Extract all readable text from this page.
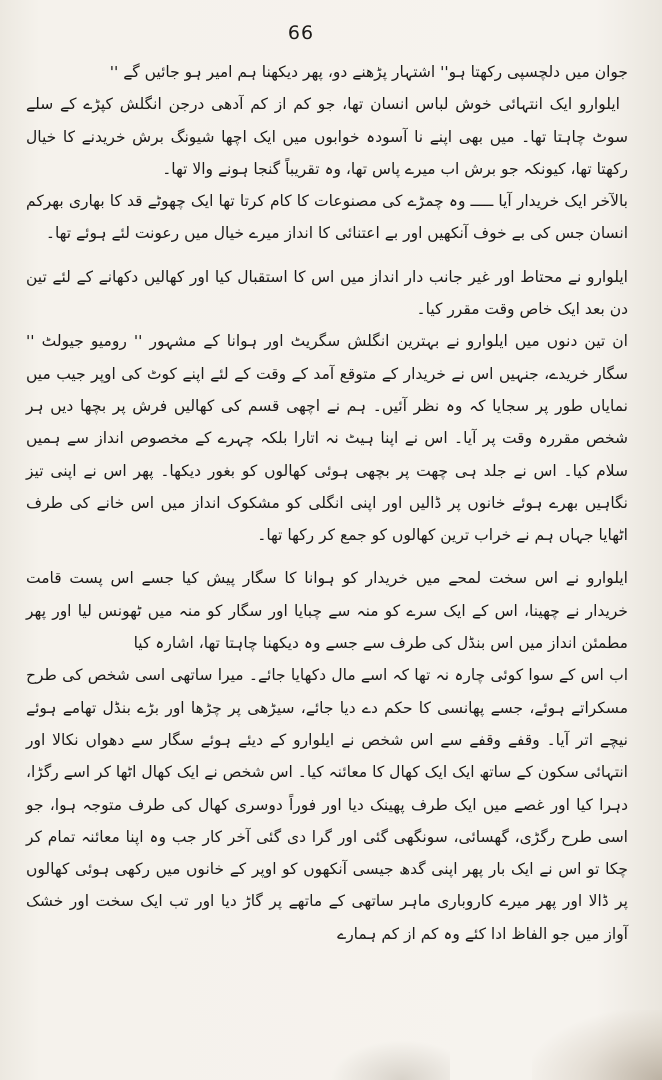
66

جوان میں دلچسپی رکھتا ہو'' اشتہار پڑھنے دو، پھر دیکھنا ہم امیر ہو جائیں گے ''

ایلوارو ایک انتہائی خوش لباس انسان تھا، جو کم از کم آدھی درجن انگلش کپڑے کے سلے سوٹ چاہتا تھا۔ میں بھی اپنے نا آسودہ خوابوں میں ایک اچھا شیونگ برش خریدنے کا خیال رکھتا تھا، کیونکہ جو برش اب میرے پاس تھا، وہ تقریباً گنجا ہونے والا تھا۔

بالآخر ایک خریدار آیا ـــــ وہ چمڑے کی مصنوعات کا کام کرتا تھا ایک چھوٹے قد کا بھاری بھرکم انسان جس کی بے خوف آنکھیں اور بے اعتنائی کا انداز میرے خیال میں رعونت لئے ہوئے تھا۔

ایلوارو نے محتاط اور غیر جانب دار انداز میں اس کا استقبال کیا اور کھالیں دکھانے کے لئے تین دن بعد ایک خاص وقت مقرر کیا۔

ان تین دنوں میں ایلوارو نے بہترین انگلش سگریٹ اور ہوانا کے مشہور '' رومیو جیولٹ '' سگار خریدے، جنہیں اس نے خریدار کے متوقع آمد کے وقت کے لئے اپنے کوٹ کی اوپر جیب میں نمایاں طور پر سجایا کہ وہ نظر آئیں۔ ہم نے اچھی قسم کی کھالیں فرش پر بچھا دیں ہر شخص مقررہ وقت پر آیا۔ اس نے اپنا ہیٹ نہ اتارا بلکہ چہرے کے مخصوص انداز سے ہمیں سلام کیا۔ اس نے جلد ہی چھت پر بچھی ہوئی کھالوں کو بغور دیکھا۔ پھر اس نے اپنی تیز نگاہیں بھرے ہوئے خانوں پر ڈالیں اور اپنی انگلی کو مشکوک انداز میں اس خانے کی طرف اٹھایا جہاں ہم نے خراب ترین کھالوں کو جمع کر رکھا تھا۔

ایلوارو نے اس سخت لمحے میں خریدار کو ہوانا کا سگار پیش کیا جسے اس پست قامت خریدار نے چھینا، اس کے ایک سرے کو منہ سے چبایا اور سگار کو منہ میں ٹھونس لیا اور پھر مطمئن انداز میں اس بنڈل کی طرف سے جسے وہ دیکھنا چاہتا تھا، اشارہ کیا

اب اس کے سوا کوئی چارہ نہ تھا کہ اسے مال دکھایا جائے۔ میرا ساتھی اسی شخص کی طرح مسکراتے ہوئے، جسے پھانسی کا حکم دے دیا جائے، سیڑھی پر چڑھا اور بڑے بنڈل تھامے ہوئے نیچے اتر آیا۔ وقفے وقفے سے اس شخص نے ایلوارو کے دیئے ہوئے سگار سے دھواں نکالا اور انتہائی سکون کے ساتھ ایک ایک کھال کا معائنہ کیا۔ اس شخص نے ایک کھال اٹھا کر اسے رگڑا، دہرا کیا اور غصے میں ایک طرف پھینک دیا اور فوراً دوسری کھال کی طرف متوجہ ہوا، جو اسی طرح رگڑی، گھسائی، سونگھی گئی اور گرا دی گئی آخر کار جب وہ اپنا معائنہ تمام کر چکا تو اس نے ایک بار پھر اپنی گدھ جیسی آنکھوں کو اوپر کے خانوں میں رکھی ہوئی کھالوں پر ڈالا اور پھر میرے کاروباری ماہر ساتھی کے ماتھے پر گاڑ دیا اور تب ایک سخت اور خشک آواز میں جو الفاظ ادا کئے وہ کم از کم ہمارے
